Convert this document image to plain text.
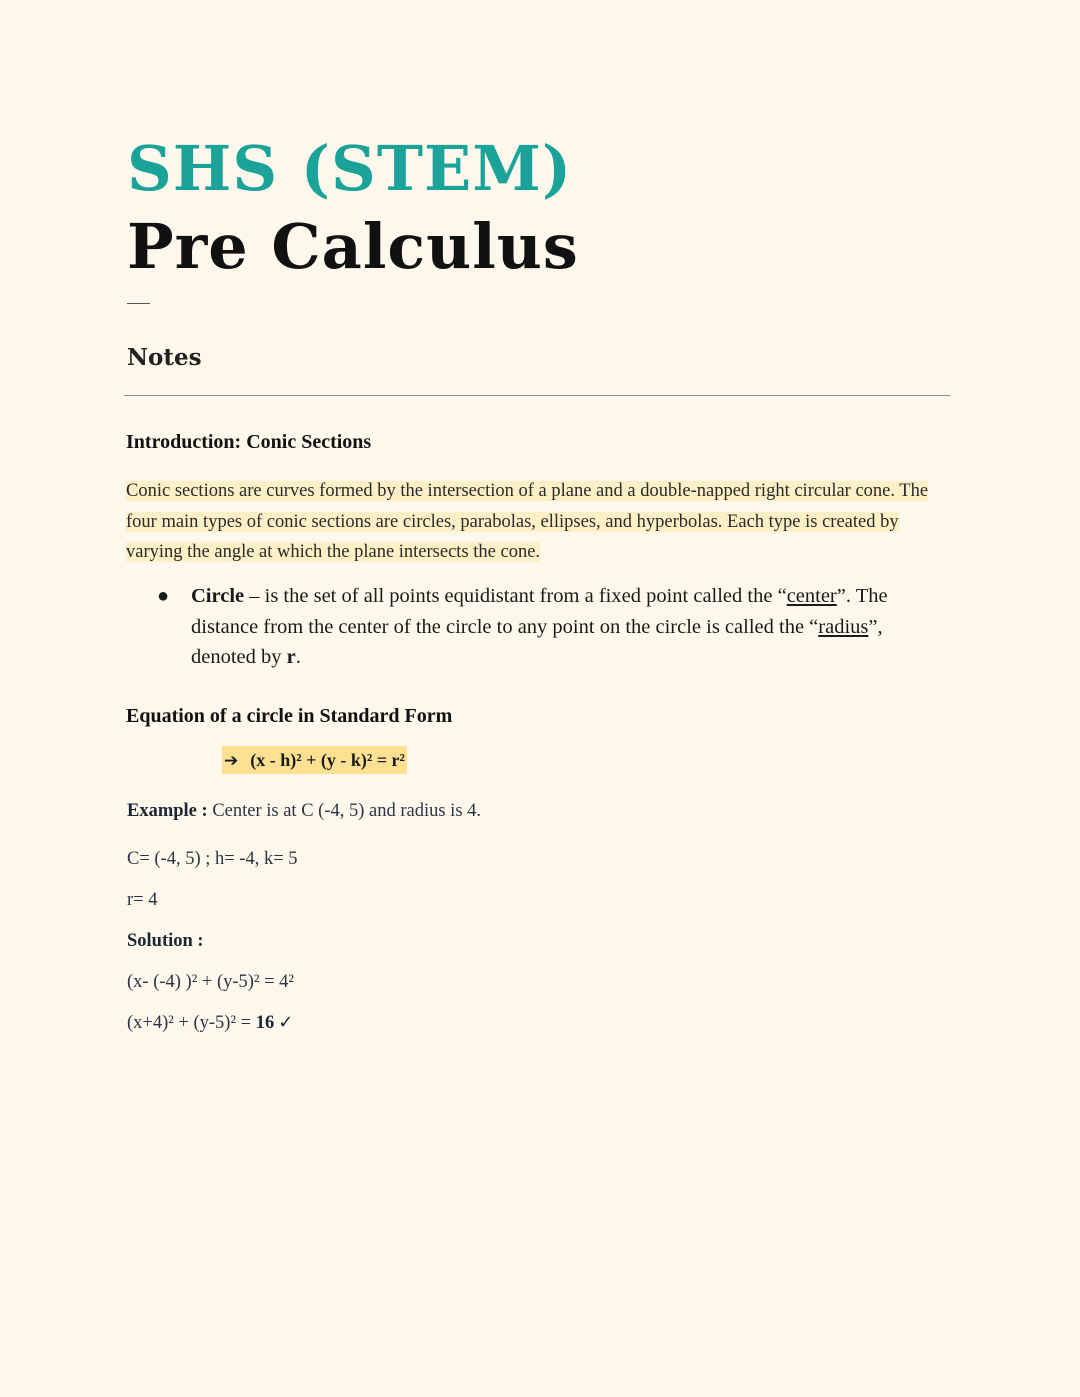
SHS (STEM)
Pre Calculus
Notes
Introduction: Conic Sections
Conic sections are curves formed by the intersection of a plane and a double-napped right circular cone. The four main types of conic sections are circles, parabolas, ellipses, and hyperbolas. Each type is created by varying the angle at which the plane intersects the cone.
● Circle – is the set of all points equidistant from a fixed point called the “center”. The distance from the center of the circle to any point on the circle is called the “radius”, denoted by r.
Equation of a circle in Standard Form
➔ (x - h)² + (y - k)² = r²
Example : Center is at C (-4, 5) and radius is 4.
C= (-4, 5) ; h= -4, k= 5
r= 4
Solution :
(x- (-4) )² + (y-5)² = 4²
(x+4)² + (y-5)² = 16 ✓
